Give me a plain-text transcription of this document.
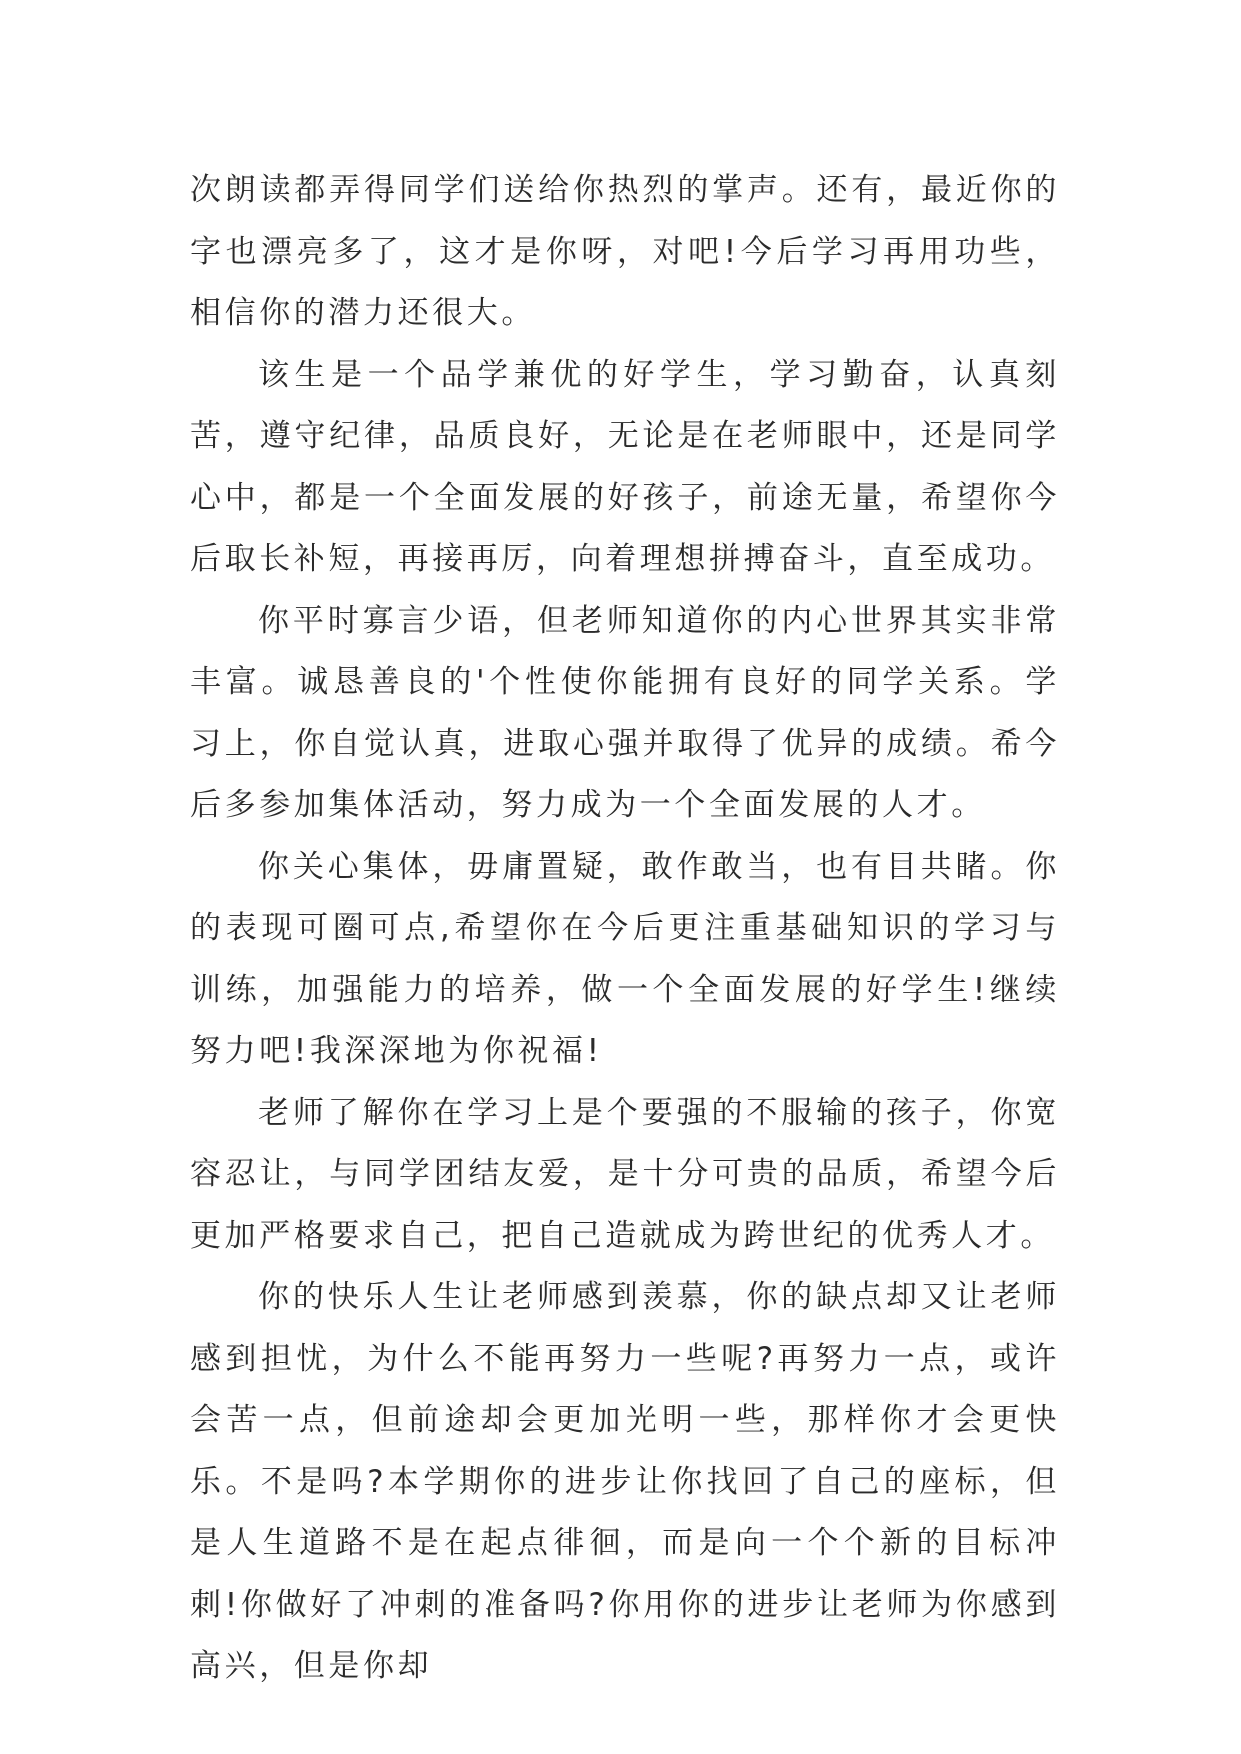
次朗读都弄得同学们送给你热烈的掌声。还有，最近你的字也漂亮多了，这才是你呀，对吧!今后学习再用功些，相信你的潜力还很大。

该生是一个品学兼优的好学生，学习勤奋，认真刻苦，遵守纪律，品质良好，无论是在老师眼中，还是同学心中，都是一个全面发展的好孩子，前途无量，希望你今后取长补短，再接再厉，向着理想拼搏奋斗，直至成功。

你平时寡言少语，但老师知道你的内心世界其实非常丰富。诚恳善良的'个性使你能拥有良好的同学关系。学习上，你自觉认真，进取心强并取得了优异的成绩。希今后多参加集体活动，努力成为一个全面发展的人才。

你关心集体，毋庸置疑，敢作敢当，也有目共睹。你的表现可圈可点,希望你在今后更注重基础知识的学习与训练，加强能力的培养，做一个全面发展的好学生!继续努力吧!我深深地为你祝福!

老师了解你在学习上是个要强的不服输的孩子，你宽容忍让，与同学团结友爱，是十分可贵的品质，希望今后更加严格要求自己，把自己造就成为跨世纪的优秀人才。

你的快乐人生让老师感到羡慕，你的缺点却又让老师感到担忧，为什么不能再努力一些呢?再努力一点，或许会苦一点，但前途却会更加光明一些，那样你才会更快乐。不是吗?本学期你的进步让你找回了自己的座标，但是人生道路不是在起点徘徊，而是向一个个新的目标冲刺!你做好了冲刺的准备吗?你用你的进步让老师为你感到高兴，但是你却
